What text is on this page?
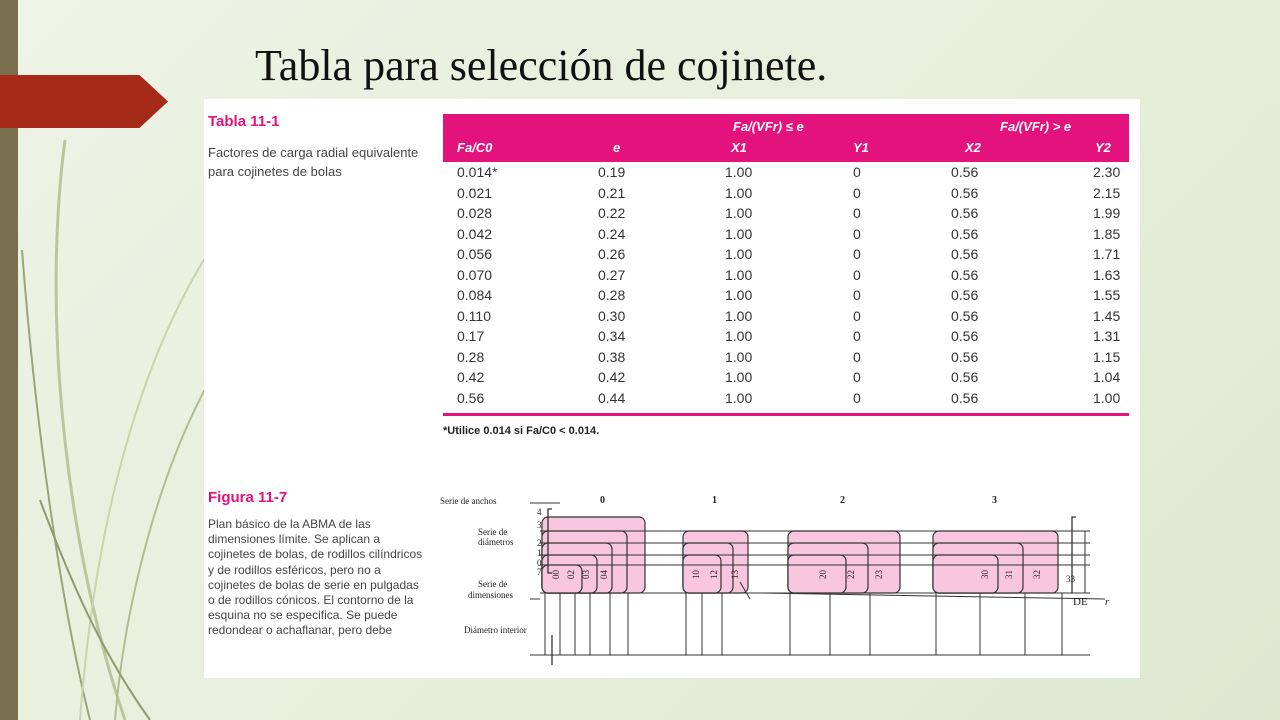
Tabla para selección de cojinete.
Tabla 11-1
Factores de carga radial equivalente para cojinetes de bolas
Fa/(VFr) ≤ e	Fa/(VFr) > e
Fa/C0	e	X1	Y1	X2	Y2
0.014*	0.19	1.00	0	0.56	2.30
0.021	0.21	1.00	0	0.56	2.15
0.028	0.22	1.00	0	0.56	1.99
0.042	0.24	1.00	0	0.56	1.85
0.056	0.26	1.00	0	0.56	1.71
0.070	0.27	1.00	0	0.56	1.63
0.084	0.28	1.00	0	0.56	1.55
0.110	0.30	1.00	0	0.56	1.45
0.17	0.34	1.00	0	0.56	1.31
0.28	0.38	1.00	0	0.56	1.15
0.42	0.42	1.00	0	0.56	1.04
0.56	0.44	1.00	0	0.56	1.00
*Utilice 0.014 si Fa/C0 < 0.014.
Figura 11-7
Plan básico de la ABMA de las dimensiones límite. Se aplican a cojinetes de bolas, de rodillos cilíndricos y de rodillos esféricos, pero no a cojinetes de bolas de serie en pulgadas o de rodillos cónicos. El contorno de la esquina no se especifica. Se puede redondear o achaflanar, pero debe
Serie de anchos
Serie de
diámetros
Serie de
dimensiones
Diámetro interior
DE r
33
0	1	2	3
4
3
2
1
0
7 00 02 03 04	10 12 13	20 22 23	30 31 32
